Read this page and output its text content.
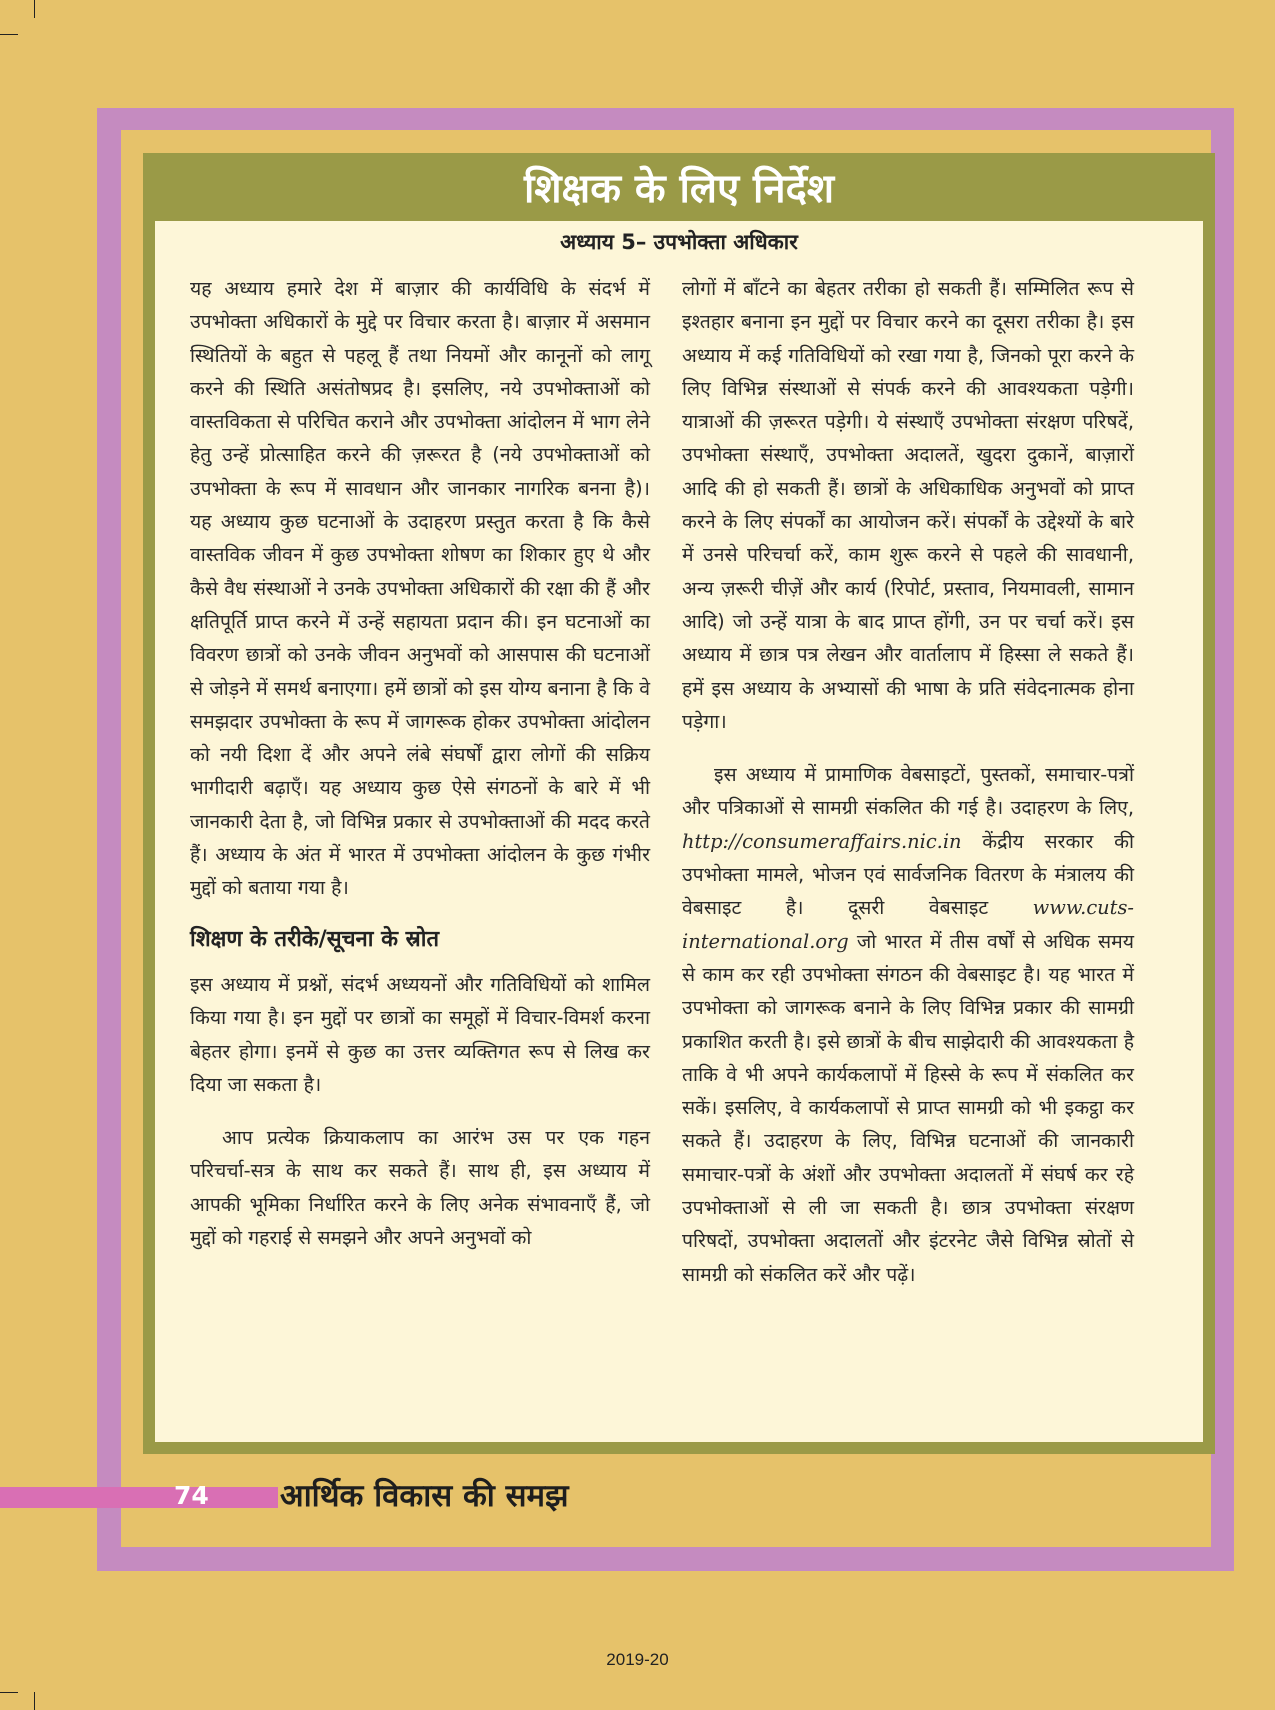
शिक्षक के लिए निर्देश
अध्याय 5– उपभोक्ता अधिकार

यह अध्याय हमारे देश में बाज़ार की कार्यविधि के संदर्भ में उपभोक्ता अधिकारों के मुद्दे पर विचार करता है। बाज़ार में असमान स्थितियों के बहुत से पहलू हैं तथा नियमों और कानूनों को लागू करने की स्थिति असंतोषप्रद है। इसलिए, नये उपभोक्ताओं को वास्तविकता से परिचित कराने और उपभोक्ता आंदोलन में भाग लेने हेतु उन्हें प्रोत्साहित करने की ज़रूरत है (नये उपभोक्ताओं को उपभोक्ता के रूप में सावधान और जानकार नागरिक बनना है)। यह अध्याय कुछ घटनाओं के उदाहरण प्रस्तुत करता है कि कैसे वास्तविक जीवन में कुछ उपभोक्ता शोषण का शिकार हुए थे और कैसे वैध संस्थाओं ने उनके उपभोक्ता अधिकारों की रक्षा की हैं और क्षतिपूर्ति प्राप्त करने में उन्हें सहायता प्रदान की। इन घटनाओं का विवरण छात्रों को उनके जीवन अनुभवों को आसपास की घटनाओं से जोड़ने में समर्थ बनाएगा। हमें छात्रों को इस योग्य बनाना है कि वे समझदार उपभोक्ता के रूप में जागरूक होकर उपभोक्ता आंदोलन को नयी दिशा दें और अपने लंबे संघर्षों द्वारा लोगों की सक्रिय भागीदारी बढ़ाएँ। यह अध्याय कुछ ऐसे संगठनों के बारे में भी जानकारी देता है, जो विभिन्न प्रकार से उपभोक्ताओं की मदद करते हैं। अध्याय के अंत में भारत में उपभोक्ता आंदोलन के कुछ गंभीर मुद्दों को बताया गया है।

शिक्षण के तरीके/सूचना के स्रोत

इस अध्याय में प्रश्नों, संदर्भ अध्ययनों और गतिविधियों को शामिल किया गया है। इन मुद्दों पर छात्रों का समूहों में विचार-विमर्श करना बेहतर होगा। इनमें से कुछ का उत्तर व्यक्तिगत रूप से लिख कर दिया जा सकता है।

आप प्रत्येक क्रियाकलाप का आरंभ उस पर एक गहन परिचर्चा-सत्र के साथ कर सकते हैं। साथ ही, इस अध्याय में आपकी भूमिका निर्धारित करने के लिए अनेक संभावनाएँ हैं, जो मुद्दों को गहराई से समझने और अपने अनुभवों को

लोगों में बाँटने का बेहतर तरीका हो सकती हैं। सम्मिलित रूप से इश्तहार बनाना इन मुद्दों पर विचार करने का दूसरा तरीका है। इस अध्याय में कई गतिविधियों को रखा गया है, जिनको पूरा करने के लिए विभिन्न संस्थाओं से संपर्क करने की आवश्यकता पड़ेगी। यात्राओं की ज़रूरत पड़ेगी। ये संस्थाएँ उपभोक्ता संरक्षण परिषदें, उपभोक्ता संस्थाएँ, उपभोक्ता अदालतें, खुदरा दुकानें, बाज़ारों आदि की हो सकती हैं। छात्रों के अधिकाधिक अनुभवों को प्राप्त करने के लिए संपर्कों का आयोजन करें। संपर्कों के उद्देश्यों के बारे में उनसे परिचर्चा करें, काम शुरू करने से पहले की सावधानी, अन्य ज़रूरी चीज़ें और कार्य (रिपोर्ट, प्रस्ताव, नियमावली, सामान आदि) जो उन्हें यात्रा के बाद प्राप्त होंगी, उन पर चर्चा करें। इस अध्याय में छात्र पत्र लेखन और वार्तालाप में हिस्सा ले सकते हैं। हमें इस अध्याय के अभ्यासों की भाषा के प्रति संवेदनात्मक होना पड़ेगा।

इस अध्याय में प्रामाणिक वेबसाइटों, पुस्तकों, समाचार-पत्रों और पत्रिकाओं से सामग्री संकलित की गई है। उदाहरण के लिए, http://consumeraffairs.nic.in केंद्रीय सरकार की उपभोक्ता मामले, भोजन एवं सार्वजनिक वितरण के मंत्रालय की वेबसाइट है। दूसरी वेबसाइट www.cuts-international.org जो भारत में तीस वर्षों से अधिक समय से काम कर रही उपभोक्ता संगठन की वेबसाइट है। यह भारत में उपभोक्ता को जागरूक बनाने के लिए विभिन्न प्रकार की सामग्री प्रकाशित करती है। इसे छात्रों के बीच साझेदारी की आवश्यकता है ताकि वे भी अपने कार्यकलापों में हिस्से के रूप में संकलित कर सकें। इसलिए, वे कार्यकलापों से प्राप्त सामग्री को भी इकट्ठा कर सकते हैं। उदाहरण के लिए, विभिन्न घटनाओं की जानकारी समाचार-पत्रों के अंशों और उपभोक्ता अदालतों में संघर्ष कर रहे उपभोक्ताओं से ली जा सकती है। छात्र उपभोक्ता संरक्षण परिषदों, उपभोक्ता अदालतों और इंटरनेट जैसे विभिन्न स्रोतों से सामग्री को संकलित करें और पढ़ें।

74 आर्थिक विकास की समझ
2019-20
